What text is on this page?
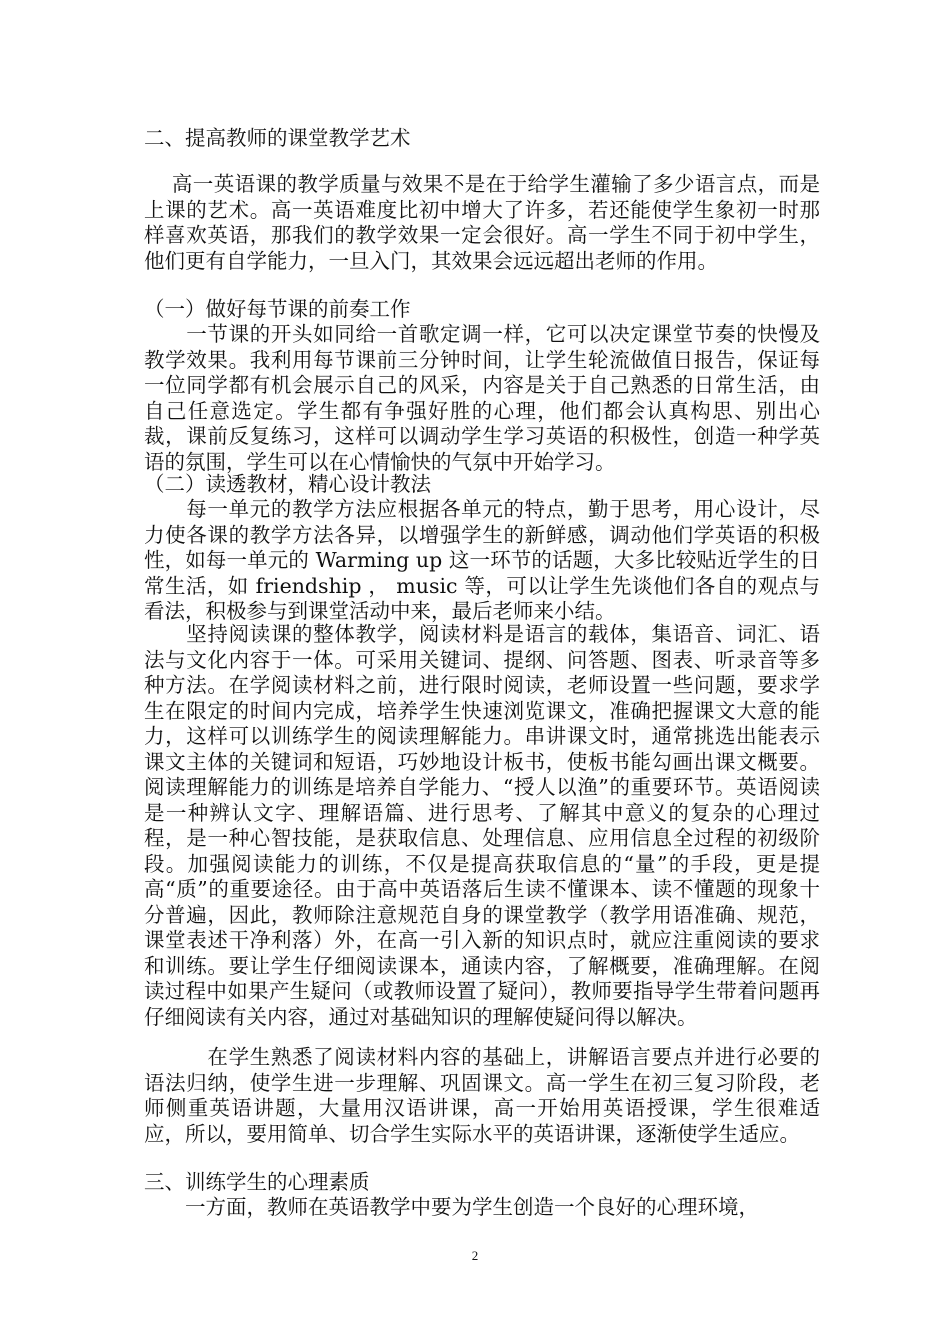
二、提高教师的课堂教学艺术
　 高一英语课的教学质量与效果不是在于给学生灌输了多少语言点，而是上课的艺术。高一英语难度比初中增大了许多，若还能使学生象初一时那样喜欢英语，那我们的教学效果一定会很好。高一学生不同于初中学生，他们更有自学能力，一旦入门，其效果会远远超出老师的作用。
（一）做好每节课的前奏工作
　　一节课的开头如同给一首歌定调一样，它可以决定课堂节奏的快慢及教学效果。我利用每节课前三分钟时间，让学生轮流做值日报告，保证每一位同学都有机会展示自己的风采，内容是关于自己熟悉的日常生活，由自己任意选定。学生都有争强好胜的心理，他们都会认真构思、别出心裁，课前反复练习，这样可以调动学生学习英语的积极性，创造一种学英语的氛围，学生可以在心情愉快的气氛中开始学习。
（二）读透教材，精心设计教法
　　每一单元的教学方法应根据各单元的特点，勤于思考，用心设计，尽力使各课的教学方法各异，以增强学生的新鲜感，调动他们学英语的积极性，如每一单元的 Warming up 这一环节的话题，大多比较贴近学生的日常生活，如 friendship ， music 等，可以让学生先谈他们各自的观点与看法，积极参与到课堂活动中来，最后老师来小结。
　　坚持阅读课的整体教学，阅读材料是语言的载体，集语音、词汇、语法与文化内容于一体。可采用关键词、提纲、问答题、图表、听录音等多种方法。在学阅读材料之前，进行限时阅读，老师设置一些问题，要求学生在限定的时间内完成，培养学生快速浏览课文，准确把握课文大意的能力，这样可以训练学生的阅读理解能力。串讲课文时，通常挑选出能表示课文主体的关键词和短语，巧妙地设计板书，使板书能勾画出课文概要。阅读理解能力的训练是培养自学能力、“授人以渔”的重要环节。英语阅读是一种辨认文字、理解语篇、进行思考、了解其中意义的复杂的心理过程，是一种心智技能，是获取信息、处理信息、应用信息全过程的初级阶段。加强阅读能力的训练，不仅是提高获取信息的“量”的手段，更是提高“质”的重要途径。由于高中英语落后生读不懂课本、读不懂题的现象十分普遍，因此，教师除注意规范自身的课堂教学（教学用语准确、规范，课堂表述干净利落）外，在高一引入新的知识点时，就应注重阅读的要求和训练。要让学生仔细阅读课本，通读内容，了解概要，准确理解。在阅读过程中如果产生疑问（或教师设置了疑问），教师要指导学生带着问题再仔细阅读有关内容，通过对基础知识的理解使疑问得以解决。
　　　在学生熟悉了阅读材料内容的基础上，讲解语言要点并进行必要的语法归纳，使学生进一步理解、巩固课文。高一学生在初三复习阶段，老师侧重英语讲题，大量用汉语讲课，高一开始用英语授课，学生很难适应，所以，要用简单、切合学生实际水平的英语讲课，逐渐使学生适应。
三、训练学生的心理素质
　　一方面，教师在英语教学中要为学生创造一个良好的心理环境，
2
